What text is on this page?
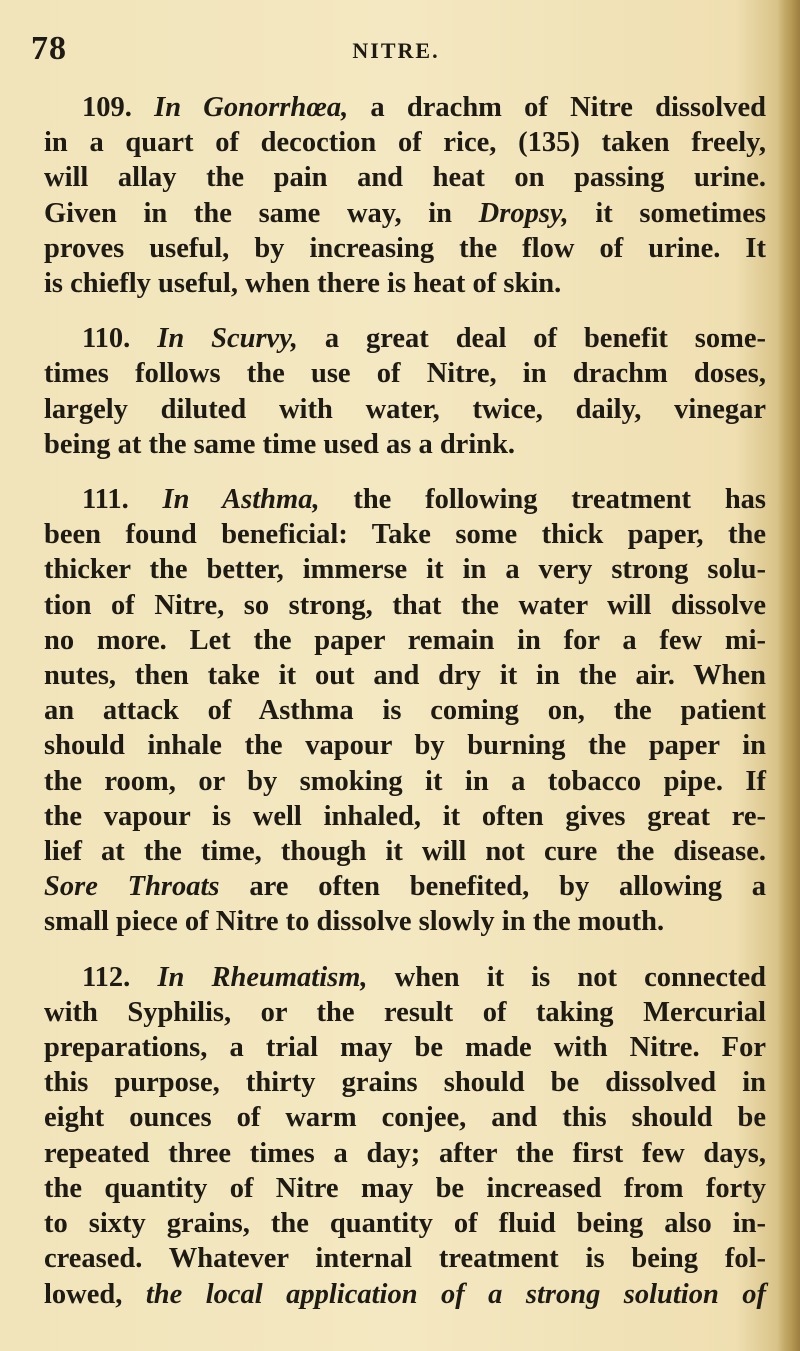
78	NITRE.
109. In Gonorrhœa, a drachm of Nitre dissolved
in a quart of decoction of rice, (135) taken freely,
will allay the pain and heat on passing urine.
Given in the same way, in Dropsy, it sometimes
proves useful, by increasing the flow of urine. It
is chiefly useful, when there is heat of skin.
110. In Scurvy, a great deal of benefit some-
times follows the use of Nitre, in drachm doses,
largely diluted with water, twice, daily, vinegar
being at the same time used as a drink.
111. In Asthma, the following treatment has
been found beneficial: Take some thick paper, the
thicker the better, immerse it in a very strong solu-
tion of Nitre, so strong, that the water will dissolve
no more. Let the paper remain in for a few mi-
nutes, then take it out and dry it in the air. When
an attack of Asthma is coming on, the patient
should inhale the vapour by burning the paper in
the room, or by smoking it in a tobacco pipe. If
the vapour is well inhaled, it often gives great re-
lief at the time, though it will not cure the disease.
Sore Throats are often benefited, by allowing a
small piece of Nitre to dissolve slowly in the mouth.
112. In Rheumatism, when it is not connected
with Syphilis, or the result of taking Mercurial
preparations, a trial may be made with Nitre. For
this purpose, thirty grains should be dissolved in
eight ounces of warm conjee, and this should be
repeated three times a day; after the first few days,
the quantity of Nitre may be increased from forty
to sixty grains, the quantity of fluid being also in-
creased. Whatever internal treatment is being fol-
lowed, the local application of a strong solution of
